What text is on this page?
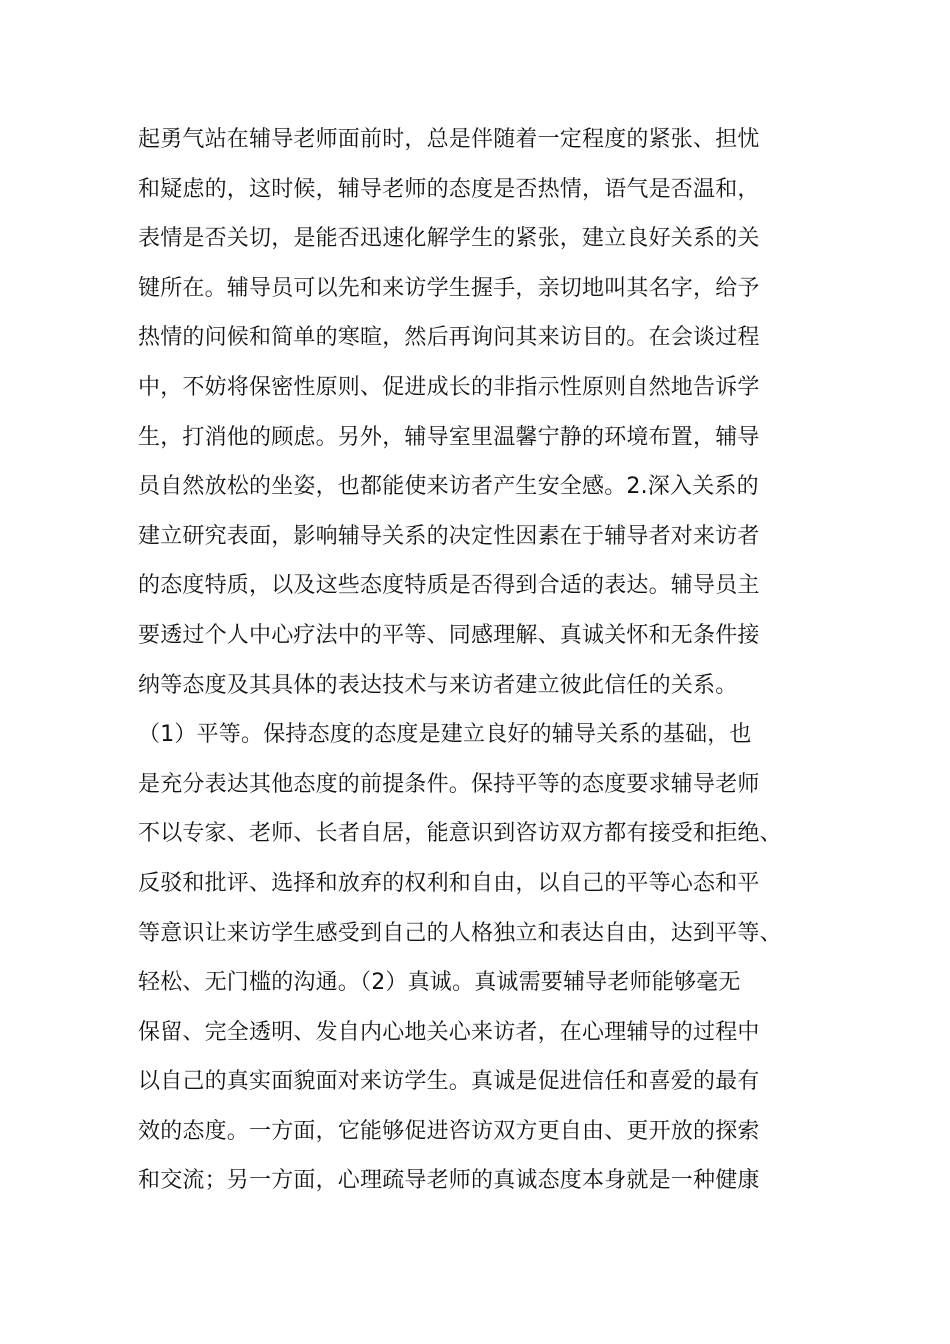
起勇气站在辅导老师面前时，总是伴随着一定程度的紧张、担忧
和疑虑的，这时候，辅导老师的态度是否热情，语气是否温和，
表情是否关切，是能否迅速化解学生的紧张，建立良好关系的关
键所在。辅导员可以先和来访学生握手，亲切地叫其名字，给予
热情的问候和简单的寒暄，然后再询问其来访目的。在会谈过程
中，不妨将保密性原则、促进成长的非指示性原则自然地告诉学
生，打消他的顾虑。另外，辅导室里温馨宁静的环境布置，辅导
员自然放松的坐姿，也都能使来访者产生安全感。2.深入关系的
建立研究表面，影响辅导关系的决定性因素在于辅导者对来访者
的态度特质，以及这些态度特质是否得到合适的表达。辅导员主
要透过个人中心疗法中的平等、同感理解、真诚关怀和无条件接
纳等态度及其具体的表达技术与来访者建立彼此信任的关系。
（1）平等。保持态度的态度是建立良好的辅导关系的基础，也
是充分表达其他态度的前提条件。保持平等的态度要求辅导老师
不以专家、老师、长者自居，能意识到咨访双方都有接受和拒绝、
反驳和批评、选择和放弃的权利和自由，以自己的平等心态和平
等意识让来访学生感受到自己的人格独立和表达自由，达到平等、
轻松、无门槛的沟通。（2）真诚。真诚需要辅导老师能够毫无
保留、完全透明、发自内心地关心来访者，在心理辅导的过程中
以自己的真实面貌面对来访学生。真诚是促进信任和喜爱的最有
效的态度。一方面，它能够促进咨访双方更自由、更开放的探索
和交流；另一方面，心理疏导老师的真诚态度本身就是一种健康
